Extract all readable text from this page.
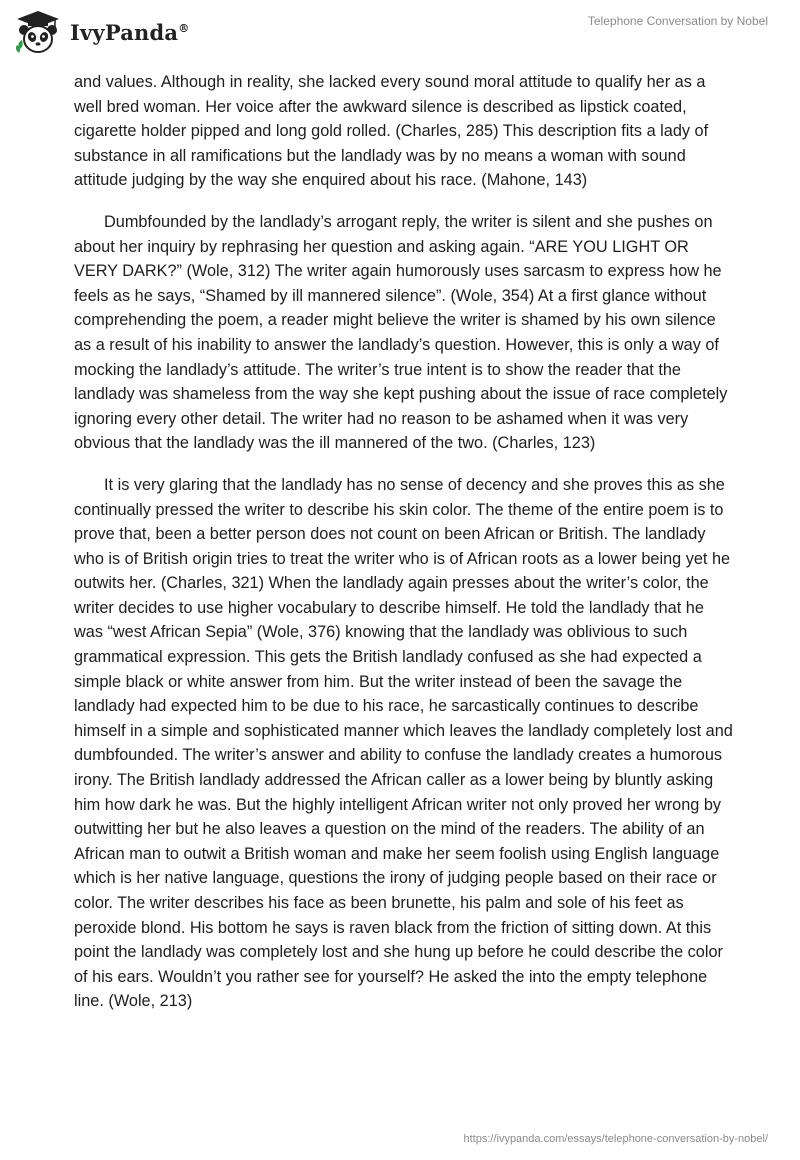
IvyPanda®	Telephone Conversation by Nobel

and values. Although in reality, she lacked every sound moral attitude to qualify her as a well bred woman. Her voice after the awkward silence is described as lipstick coated, cigarette holder pipped and long gold rolled. (Charles, 285) This description fits a lady of substance in all ramifications but the landlady was by no means a woman with sound attitude judging by the way she enquired about his race. (Mahone, 143)

Dumbfounded by the landlady’s arrogant reply, the writer is silent and she pushes on about her inquiry by rephrasing her question and asking again. “ARE YOU LIGHT OR VERY DARK?” (Wole, 312) The writer again humorously uses sarcasm to express how he feels as he says, “Shamed by ill mannered silence”. (Wole, 354) At a first glance without comprehending the poem, a reader might believe the writer is shamed by his own silence as a result of his inability to answer the landlady’s question. However, this is only a way of mocking the landlady’s attitude. The writer’s true intent is to show the reader that the landlady was shameless from the way she kept pushing about the issue of race completely ignoring every other detail. The writer had no reason to be ashamed when it was very obvious that the landlady was the ill mannered of the two. (Charles, 123)

It is very glaring that the landlady has no sense of decency and she proves this as she continually pressed the writer to describe his skin color. The theme of the entire poem is to prove that, been a better person does not count on been African or British. The landlady who is of British origin tries to treat the writer who is of African roots as a lower being yet he outwits her. (Charles, 321) When the landlady again presses about the writer’s color, the writer decides to use higher vocabulary to describe himself. He told the landlady that he was “west African Sepia” (Wole, 376) knowing that the landlady was oblivious to such grammatical expression. This gets the British landlady confused as she had expected a simple black or white answer from him. But the writer instead of been the savage the landlady had expected him to be due to his race, he sarcastically continues to describe himself in a simple and sophisticated manner which leaves the landlady completely lost and dumbfounded. The writer’s answer and ability to confuse the landlady creates a humorous irony. The British landlady addressed the African caller as a lower being by bluntly asking him how dark he was. But the highly intelligent African writer not only proved her wrong by outwitting her but he also leaves a question on the mind of the readers. The ability of an African man to outwit a British woman and make her seem foolish using English language which is her native language, questions the irony of judging people based on their race or color. The writer describes his face as been brunette, his palm and sole of his feet as peroxide blond. His bottom he says is raven black from the friction of sitting down. At this point the landlady was completely lost and she hung up before he could describe the color of his ears. Wouldn’t you rather see for yourself? He asked the into the empty telephone line. (Wole, 213)

https://ivypanda.com/essays/telephone-conversation-by-nobel/
